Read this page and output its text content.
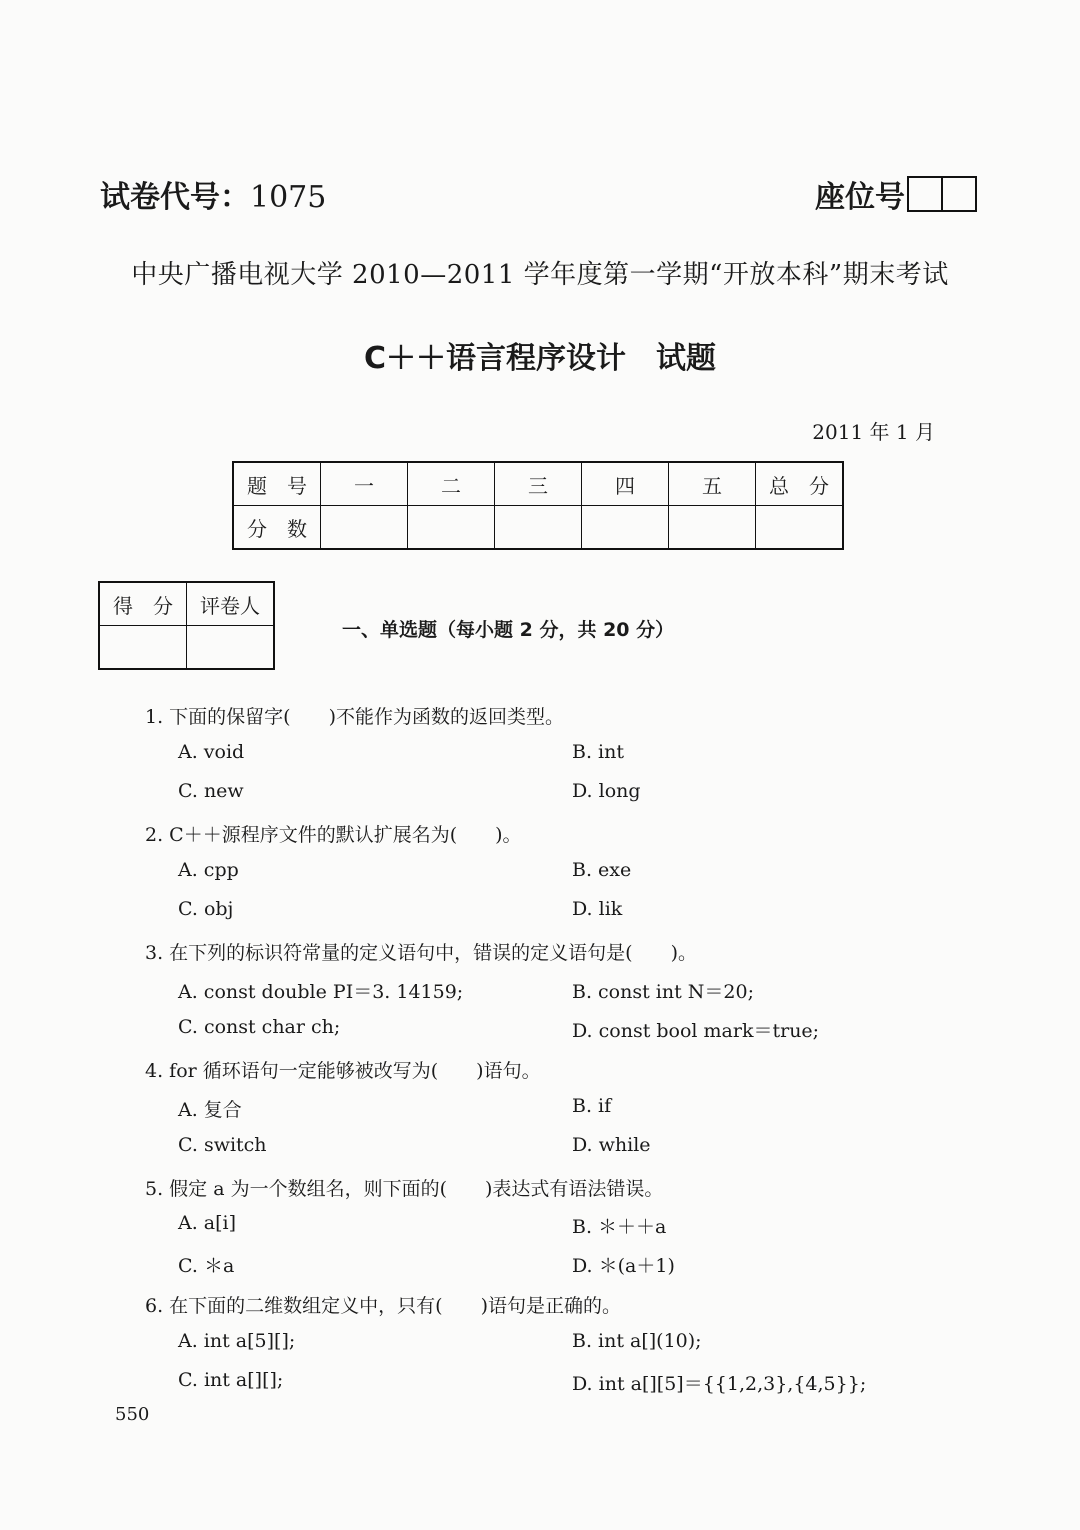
试卷代号：1075	座位号
中央广播电视大学 2010—2011 学年度第一学期“开放本科”期末考试
C＋＋语言程序设计　试题
2011 年 1 月
题　号	一	二	三	四	五	总　分
分　数						
得　分	评卷人

一、单选题（每小题 2 分，共 20 分）
1. 下面的保留字(　　)不能作为函数的返回类型。
A. void	B. int
C. new	D. long
2. C＋＋源程序文件的默认扩展名为(　　)。
A. cpp	B. exe
C. obj	D. lik
3. 在下列的标识符常量的定义语句中，错误的定义语句是(　　)。
A. const double PI＝3. 14159;	B. const int N＝20;
C. const char ch;	D. const bool mark＝true;
4. for 循环语句一定能够被改写为(　　)语句。
A. 复合	B. if
C. switch	D. while
5. 假定 a 为一个数组名，则下面的(　　)表达式有语法错误。
A. a[i]	B. ＊＋＋a
C. ＊a	D. ＊(a＋1)
6. 在下面的二维数组定义中，只有(　　)语句是正确的。
A. int a[5][];	B. int a[](10);
C. int a[][];	D. int a[][5]＝{{1,2,3},{4,5}};
550
